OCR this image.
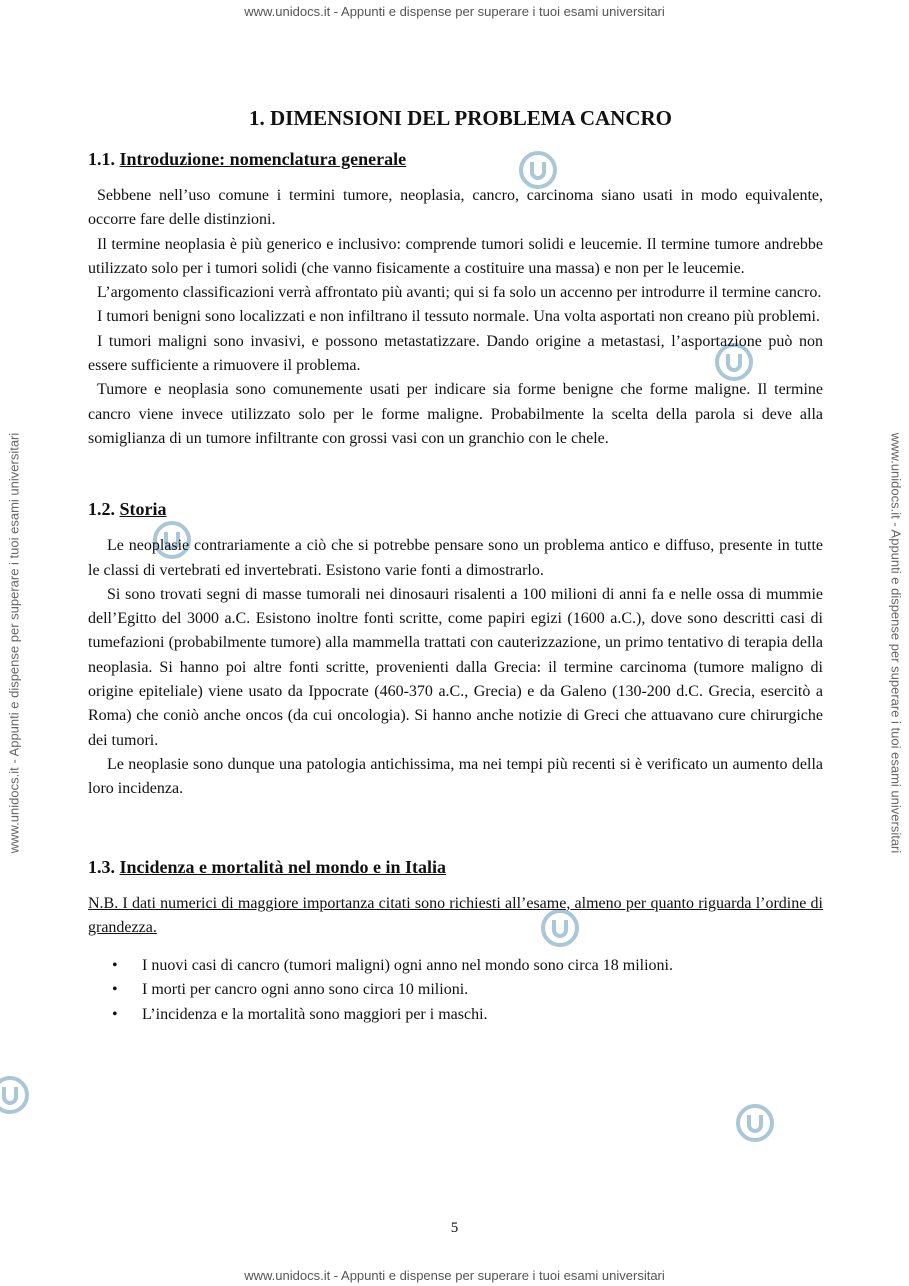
www.unidocs.it - Appunti e dispense per superare i tuoi esami universitari
www.unidocs.it - Appunti e dispense per superare i tuoi esami universitari
www.unidocs.it - Appunti e dispense per superare i tuoi esami universitari	www.unidocs.it - Appunti e dispense per superare i tuoi esami universitari
1. DIMENSIONI DEL PROBLEMA CANCRO
1.1. Introduzione: nomenclatura generale

Sebbene nell’uso comune i termini tumore, neoplasia, cancro, carcinoma siano usati in modo equivalente, occorre fare delle distinzioni.

Il termine neoplasia è più generico e inclusivo: comprende tumori solidi e leucemie. Il termine tumore andrebbe utilizzato solo per i tumori solidi (che vanno fisicamente a costituire una massa) e non per le leucemie.

L’argomento classificazioni verrà affrontato più avanti; qui si fa solo un accenno per introdurre il termine cancro.

I tumori benigni sono localizzati e non infiltrano il tessuto normale. Una volta asportati non creano più problemi.

I tumori maligni sono invasivi, e possono metastatizzare. Dando origine a metastasi, l’asportazione può non essere sufficiente a rimuovere il problema.

Tumore e neoplasia sono comunemente usati per indicare sia forme benigne che forme maligne. Il termine cancro viene invece utilizzato solo per le forme maligne. Probabilmente la scelta della parola si deve alla somiglianza di un tumore infiltrante con grossi vasi con un granchio con le chele.

1.2. Storia

Le neoplasie contrariamente a ciò che si potrebbe pensare sono un problema antico e diffuso, presente in tutte le classi di vertebrati ed invertebrati. Esistono varie fonti a dimostrarlo.

Si sono trovati segni di masse tumorali nei dinosauri risalenti a 100 milioni di anni fa e nelle ossa di mummie dell’Egitto del 3000 a.C. Esistono inoltre fonti scritte, come papiri egizi (1600 a.C.), dove sono descritti casi di tumefazioni (probabilmente tumore) alla mammella trattati con cauterizzazione, un primo tentativo di terapia della neoplasia. Si hanno poi altre fonti scritte, provenienti dalla Grecia: il termine carcinoma (tumore maligno di origine epiteliale) viene usato da Ippocrate (460-370 a.C., Grecia) e da Galeno (130-200 d.C. Grecia, esercitò a Roma) che coniò anche oncos (da cui oncologia). Si hanno anche notizie di Greci che attuavano cure chirurgiche dei tumori.

Le neoplasie sono dunque una patologia antichissima, ma nei tempi più recenti si è verificato un aumento della loro incidenza.

1.3. Incidenza e mortalità nel mondo e in Italia

N.B. I dati numerici di maggiore importanza citati sono richiesti all’esame, almeno per quanto riguarda l’ordine di grandezza.

• I nuovi casi di cancro (tumori maligni) ogni anno nel mondo sono circa 18 milioni.
• I morti per cancro ogni anno sono circa 10 milioni.
• L’incidenza e la mortalità sono maggiori per i maschi.
5
